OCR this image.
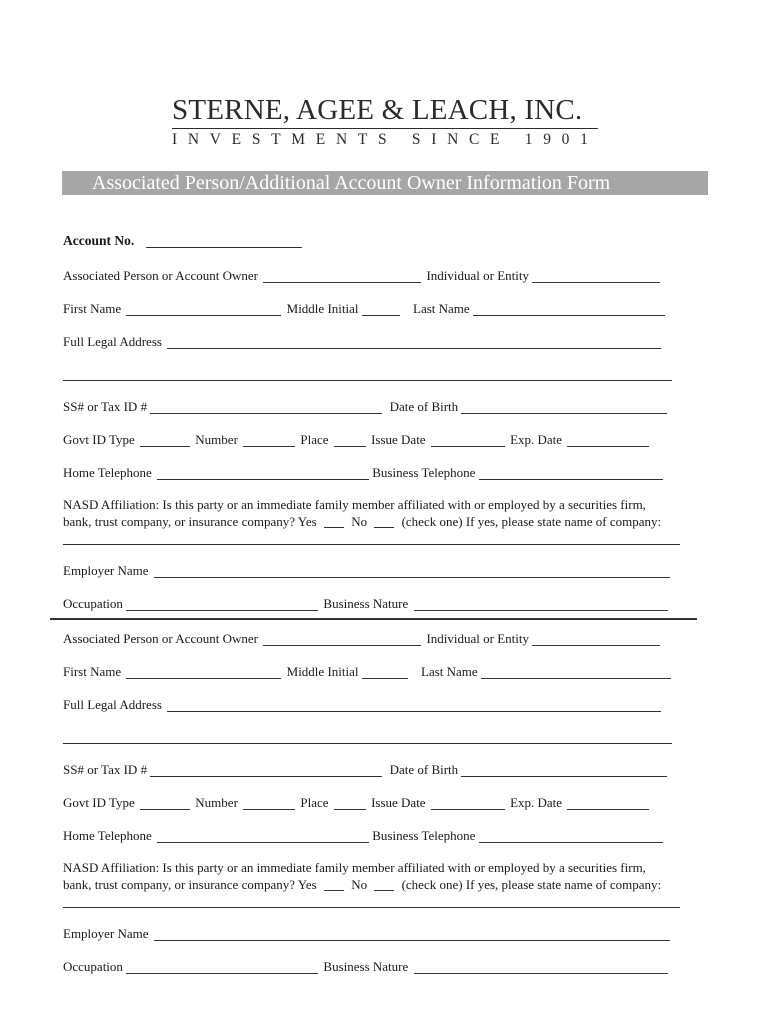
STERNE, AGEE & LEACH, INC.
INVESTMENTS SINCE 1901
Associated Person/Additional Account Owner Information Form
Account No.
Associated Person or Account Owner	Individual or Entity
First Name	Middle Initial	Last Name
Full Legal Address
SS# or Tax ID #	Date of Birth
Govt ID Type	Number	Place	Issue Date	Exp. Date
Home Telephone	Business Telephone
NASD Affiliation: Is this party or an immediate family member affiliated with or employed by a securities firm,
bank, trust company, or insurance company? Yes	No	(check one) If yes, please state name of company:
Employer Name
Occupation	Business Nature
Associated Person or Account Owner	Individual or Entity
First Name	Middle Initial	Last Name
Full Legal Address
SS# or Tax ID #	Date of Birth
Govt ID Type	Number	Place	Issue Date	Exp. Date
Home Telephone	Business Telephone
NASD Affiliation: Is this party or an immediate family member affiliated with or employed by a securities firm,
bank, trust company, or insurance company? Yes	No	(check one) If yes, please state name of company:
Employer Name
Occupation	Business Nature
